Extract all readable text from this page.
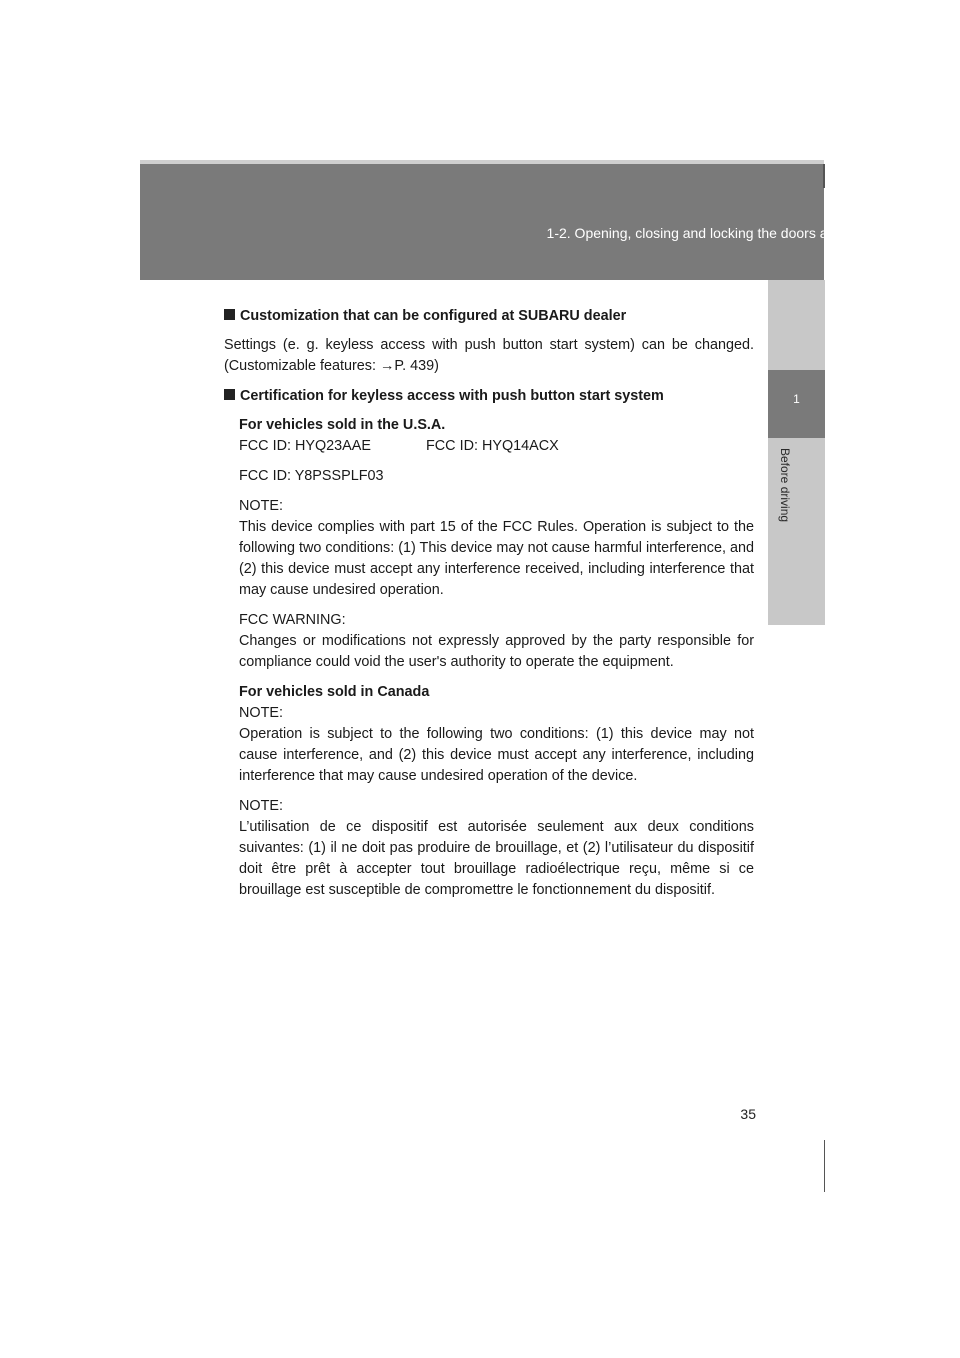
1-2. Opening, closing and locking the doors and trunk lid
1
Before driving

Customization that can be configured at SUBARU dealer

Settings (e. g. keyless access with push button start system) can be changed. (Customizable features: →P. 439)

Certification for keyless access with push button start system

For vehicles sold in the U.S.A.

FCC ID: HYQ23AAE	FCC ID: HYQ14ACX

FCC ID: Y8PSSPLF03

NOTE:

This device complies with part 15 of the FCC Rules. Operation is subject to the following two conditions: (1) This device may not cause harmful interference, and (2) this device must accept any interference received, including interference that may cause undesired operation.

FCC WARNING:

Changes or modifications not expressly approved by the party responsible for compliance could void the user's authority to operate the equipment.

For vehicles sold in Canada

NOTE:

Operation is subject to the following two conditions: (1) this device may not cause interference, and (2) this device must accept any interference, including interference that may cause undesired operation of the device.

NOTE:

L’utilisation de ce dispositif est autorisée seulement aux deux conditions suivantes: (1) il ne doit pas produire de brouillage, et (2) l’utilisateur du dispositif doit être prêt à accepter tout brouillage radioélectrique reçu, même si ce brouillage est susceptible de compromettre le fonctionnement du dispositif.

35
